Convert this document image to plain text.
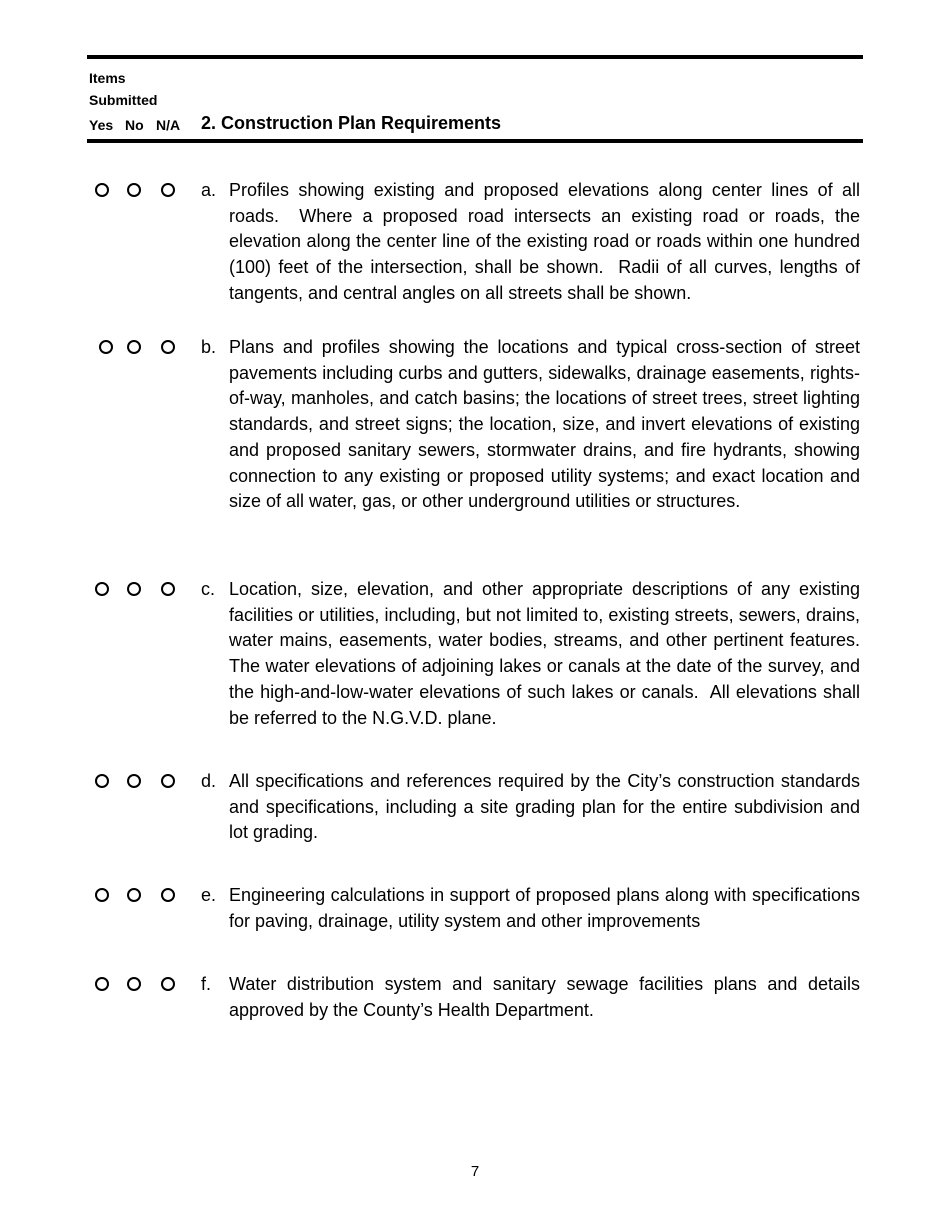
Items
Submitted
Yes No N/A 2. Construction Plan Requirements
a. Profiles showing existing and proposed elevations along center lines of all roads.  Where a proposed road intersects an existing road or roads, the elevation along the center line of the existing road or roads within one hundred (100) feet of the intersection, shall be shown.  Radii of all curves, lengths of tangents, and central angles on all streets shall be shown.
b. Plans and profiles showing the locations and typical cross-section of street pavements including curbs and gutters, sidewalks, drainage easements, rights-of-way, manholes, and catch basins; the locations of street trees, street lighting standards, and street signs; the location, size, and invert elevations of existing and proposed sanitary sewers, stormwater drains, and fire hydrants, showing connection to any existing or proposed utility systems; and exact location and size of all water, gas, or other underground utilities or structures.
c. Location, size, elevation, and other appropriate descriptions of any existing facilities or utilities, including, but not limited to, existing streets, sewers, drains, water mains, easements, water bodies, streams, and other pertinent features.  The water elevations of adjoining lakes or canals at the date of the survey, and the high-and-low-water elevations of such lakes or canals.  All elevations shall be referred to the N.G.V.D. plane.
d. All specifications and references required by the City’s construction standards and specifications, including a site grading plan for the entire subdivision and lot grading.
e. Engineering calculations in support of proposed plans along with specifications for paving, drainage, utility system and other improvements
f. Water distribution system and sanitary sewage facilities plans and details approved by the County’s Health Department.
7
